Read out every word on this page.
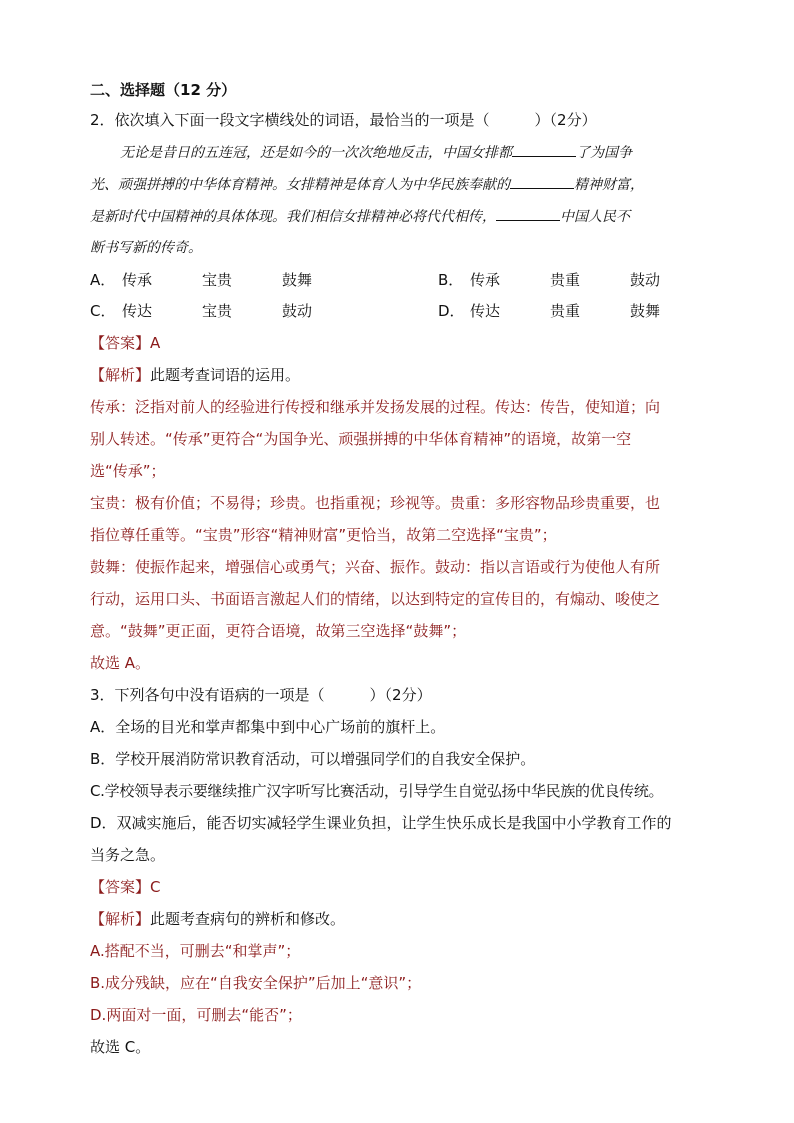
二、选择题（12 分）

2．依次填入下面一段文字横线处的词语，最恰当的一项是（　　　）（2分）

无论是昔日的五连冠，还是如今的一次次绝地反击，中国女排都	了为国争

光、顽强拼搏的中华体育精神。女排精神是体育人为中华民族奉献的	精神财富，

是新时代中国精神的具体体现。我们相信女排精神必将代代相传，	中国人民不

断书写新的传奇。

A． 传承	宝贵	鼓舞	B． 传承	贵重	鼓动
C． 传达	宝贵	鼓动	D． 传达	贵重	鼓舞

【答案】A

【解析】此题考查词语的运用。

传承：泛指对前人的经验进行传授和继承并发扬发展的过程。传达：传告，使知道；向

别人转述。“传承”更符合“为国争光、顽强拼搏的中华体育精神”的语境，故第一空

选“传承”；

宝贵：极有价值；不易得；珍贵。也指重视；珍视等。贵重：多形容物品珍贵重要，也

指位尊任重等。“宝贵”形容“精神财富”更恰当，故第二空选择“宝贵”；

鼓舞：使振作起来，增强信心或勇气；兴奋、振作。鼓动：指以言语或行为使他人有所

行动，运用口头、书面语言激起人们的情绪，以达到特定的宣传目的，有煽动、唆使之

意。“鼓舞”更正面，更符合语境，故第三空选择“鼓舞”；

故选 A。

3．下列各句中没有语病的一项是（　　　）（2分）

A．全场的目光和掌声都集中到中心广场前的旗杆上。

B．学校开展消防常识教育活动，可以增强同学们的自我安全保护。

C.学校领导表示要继续推广汉字听写比赛活动，引导学生自觉弘扬中华民族的优良传统。

D．双减实施后，能否切实减轻学生课业负担，让学生快乐成长是我国中小学教育工作的

当务之急。

【答案】C

【解析】此题考查病句的辨析和修改。

A.搭配不当，可删去“和掌声”；

B.成分残缺，应在“自我安全保护”后加上“意识”；

D.两面对一面，可删去“能否”；

故选 C。
